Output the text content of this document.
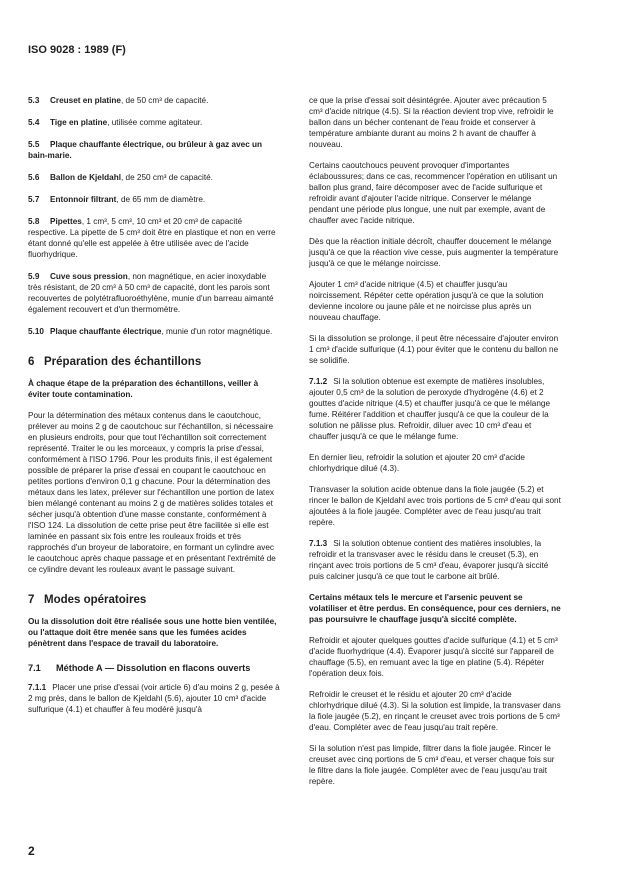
ISO 9028 : 1989 (F)
5.3 Creuset en platine, de 50 cm³ de capacité.
5.4 Tige en platine, utilisée comme agitateur.
5.5 Plaque chauffante électrique, ou brûleur à gaz avec un bain-marie.
5.6 Ballon de Kjeldahl, de 250 cm³ de capacité.
5.7 Entonnoir filtrant, de 65 mm de diamètre.
5.8 Pipettes, 1 cm³, 5 cm³, 10 cm³ et 20 cm³ de capacité respective. La pipette de 5 cm³ doit être en plastique et non en verre étant donné qu'elle est appelée à être utilisée avec de l'acide fluorhydrique.
5.9 Cuve sous pression, non magnétique, en acier inoxydable très résistant, de 20 cm³ à 50 cm³ de capacité, dont les parois sont recouvertes de polytétrafluoroéthylène, munie d'un barreau aimanté également recouvert et d'un thermomètre.
5.10 Plaque chauffante électrique, munie d'un rotor magnétique.
6 Préparation des échantillons

À chaque étape de la préparation des échantillons, veiller à éviter toute contamination.

Pour la détermination des métaux contenus dans le caoutchouc, prélever au moins 2 g de caoutchouc sur l'échantillon, si nécessaire en plusieurs endroits, pour que tout l'échantillon soit correctement représenté. Traiter le ou les morceaux, y compris la prise d'essai, conformément à l'ISO 1796. Pour les produits finis, il est également possible de préparer la prise d'essai en coupant le caoutchouc en petites portions d'environ 0,1 g chacune. Pour la détermination des métaux dans les latex, prélever sur l'échantillon une portion de latex bien mélangé contenant au moins 2 g de matières solides totales et sécher jusqu'à obtention d'une masse constante, conformément à l'ISO 124. La dissolution de cette prise peut être facilitée si elle est laminée en passant six fois entre les rouleaux froids et très rapprochés d'un broyeur de laboratoire, en formant un cylindre avec le caoutchouc après chaque passage et en présentant l'extrémité de ce cylindre devant les rouleaux avant le passage suivant.

7 Modes opératoires

Ou la dissolution doit être réalisée sous une hotte bien ventilée, ou l'attaque doit être menée sans que les fumées acides pénètrent dans l'espace de travail du laboratoire.

7.1 Méthode A — Dissolution en flacons ouverts

7.1.1 Placer une prise d'essai (voir article 6) d'au moins 2 g, pesée à 2 mg près, dans le ballon de Kjeldahl (5.6), ajouter 10 cm³ d'acide sulfurique (4.1) et chauffer à feu modéré jusqu'à

ce que la prise d'essai soit désintégrée. Ajouter avec précaution 5 cm³ d'acide nitrique (4.5). Si la réaction devient trop vive, refroidir le ballon dans un bécher contenant de l'eau froide et conserver à température ambiante durant au moins 2 h avant de chauffer à nouveau.

Certains caoutchoucs peuvent provoquer d'importantes éclaboussures; dans ce cas, recommencer l'opération en utilisant un ballon plus grand, faire décomposer avec de l'acide sulfurique et refroidir avant d'ajouter l'acide nitrique. Conserver le mélange pendant une période plus longue, une nuit par exemple, avant de chauffer avec l'acide nitrique.

Dès que la réaction initiale décroît, chauffer doucement le mélange jusqu'à ce que la réaction vive cesse, puis augmenter la température jusqu'à ce que le mélange noircisse.

Ajouter 1 cm³ d'acide nitrique (4.5) et chauffer jusqu'au noircissement. Répéter cette opération jusqu'à ce que la solution devienne incolore ou jaune pâle et ne noircisse plus après un nouveau chauffage.

Si la dissolution se prolonge, il peut être nécessaire d'ajouter environ 1 cm³ d'acide sulfurique (4.1) pour éviter que le contenu du ballon ne se solidifie.

7.1.2 Si la solution obtenue est exempte de matières insolubles, ajouter 0,5 cm³ de la solution de peroxyde d'hydrogène (4.6) et 2 gouttes d'acide nitrique (4.5) et chauffer jusqu'à ce que le mélange fume. Réitérer l'addition et chauffer jusqu'à ce que la couleur de la solution ne pâlisse plus. Refroidir, diluer avec 10 cm³ d'eau et chauffer jusqu'à ce que le mélange fume.

En dernier lieu, refroidir la solution et ajouter 20 cm³ d'acide chlorhydrique dilué (4.3).

Transvaser la solution acide obtenue dans la fiole jaugée (5.2) et rincer le ballon de Kjeldahl avec trois portions de 5 cm³ d'eau qui sont ajoutées à la fiole jaugée. Compléter avec de l'eau jusqu'au trait repère.

7.1.3 Si la solution obtenue contient des matières insolubles, la refroidir et la transvaser avec le résidu dans le creuset (5.3), en rinçant avec trois portions de 5 cm³ d'eau, évaporer jusqu'à siccité puis calciner jusqu'à ce que tout le carbone ait brûlé.

Certains métaux tels le mercure et l'arsenic peuvent se volatiliser et être perdus. En conséquence, pour ces derniers, ne pas poursuivre le chauffage jusqu'à siccité complète.

Refroidir et ajouter quelques gouttes d'acide sulfurique (4.1) et 5 cm³ d'acide fluorhydrique (4.4). Évaporer jusqu'à siccité sur l'appareil de chauffage (5.5), en remuant avec la tige en platine (5.4). Répéter l'opération deux fois.

Refroidir le creuset et le résidu et ajouter 20 cm³ d'acide chlorhydrique dilué (4.3). Si la solution est limpide, la transvaser dans la fiole jaugée (5.2), en rinçant le creuset avec trois portions de 5 cm³ d'eau. Compléter avec de l'eau jusqu'au trait repère.

Si la solution n'est pas limpide, filtrer dans la fiole jaugée. Rincer le creuset avec cinq portions de 5 cm³ d'eau, et verser chaque fois sur le filtre dans la fiole jaugée. Compléter avec de l'eau jusqu'au trait repère.

2
